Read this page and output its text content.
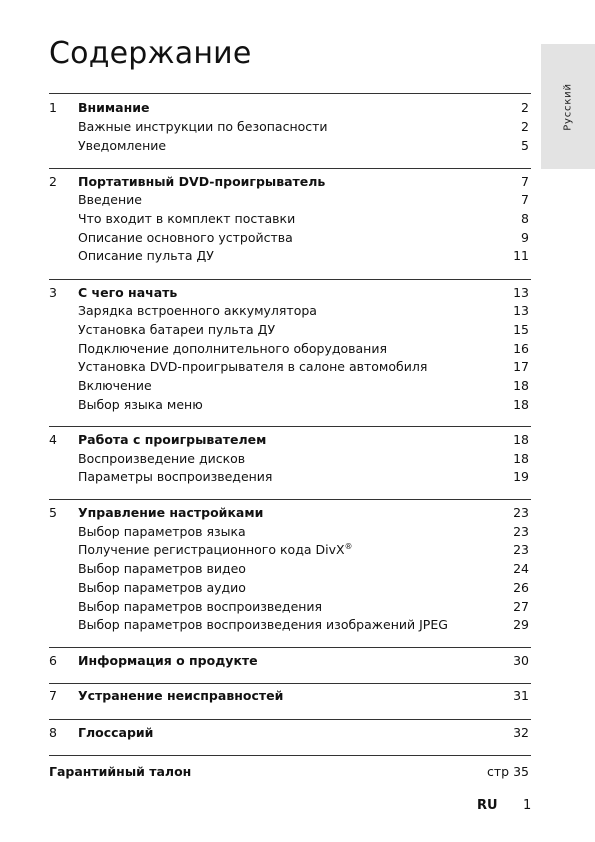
Содержание
Русский
1 Внимание	2
Важные инструкции по безопасности	2
Уведомление	5
2 Портативный DVD-проигрыватель	7
Введение	7
Что входит в комплект поставки	8
Описание основного устройства	9
Описание пульта ДУ	11
3 С чего начать	13
Зарядка встроенного аккумулятора	13
Установка батареи пульта ДУ	15
Подключение дополнительного оборудования	16
Установка DVD-проигрывателя в салоне автомобиля	17
Включение	18
Выбор языка меню	18
4 Работа с проигрывателем	18
Воспроизведение дисков	18
Параметры воспроизведения	19
5 Управление настройками	23
Выбор параметров языка	23
Получение регистрационного кода DivX®	23
Выбор параметров видео	24
Выбор параметров аудио	26
Выбор параметров воспроизведения	27
Выбор параметров воспроизведения изображений JPEG	29
6 Информация о продукте	30
7 Устранение неисправностей	31
8 Глоссарий	32
Гарантийный талон	стр 35
RU 1
